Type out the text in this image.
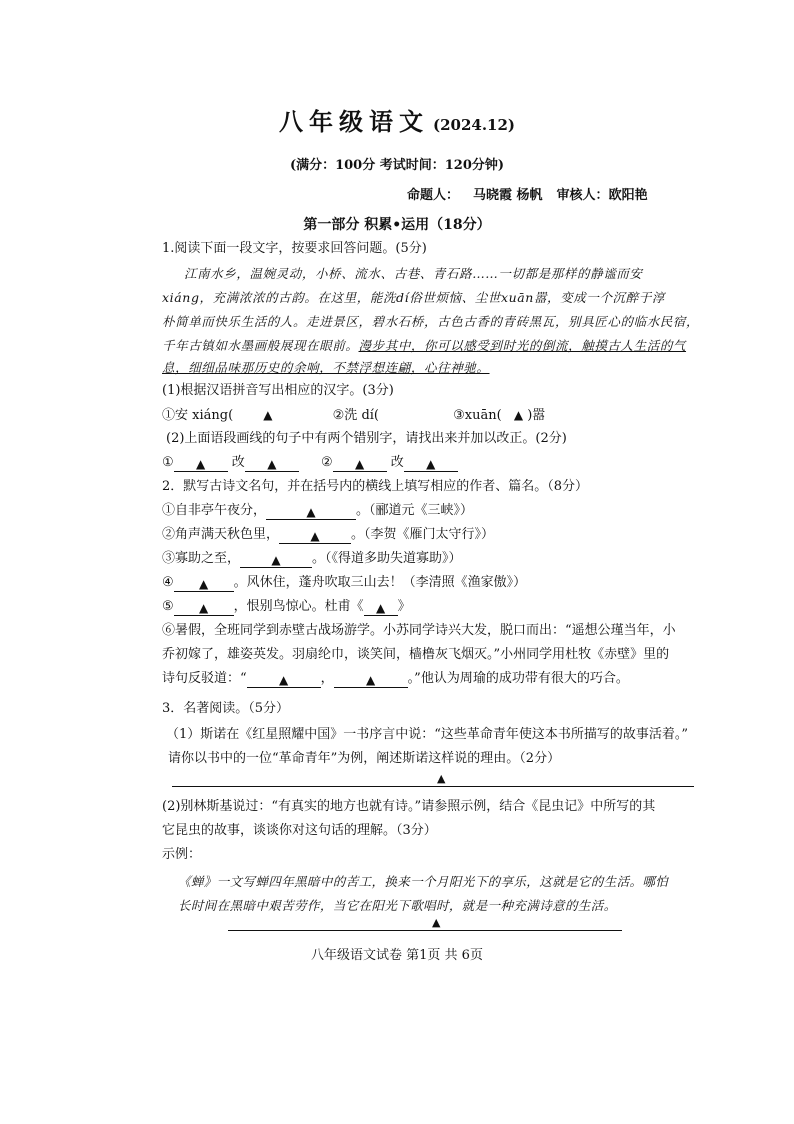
八年级语文 (2024.12)
(满分：100分 考试时间：120分钟)
命题人： 马晓霞 杨帆 审核人：欧阳艳
第一部分 积累•运用（18分）
1.阅读下面一段文字，按要求回答问题。(5分)
江南水乡，温婉灵动，小桥、流水、古巷、青石路……一切都是那样的静谧而安
xiáng，充满浓浓的古韵。在这里，能洗dí俗世烦恼、尘世xuān嚣，变成一个沉醉于淳
朴简单而快乐生活的人。走进景区，碧水石桥，古色古香的青砖黑瓦，别具匠心的临水民宿，
千年古镇如水墨画般展现在眼前。漫步其中，你可以感受到时光的倒流，触摸古人生活的气
息，细细品味那历史的余响，不禁浮想连翩，心往神驰。
(1)根据汉语拼音写出相应的汉字。(3分)
①安 xiáng(	▲	②洗 dí(	③xuān( ▲ )嚣
(2)上面语段画线的句子中有两个错别字，请找出来并加以改正。(2分)
① ▲ 改 ▲	② ▲ 改 ▲
2．默写古诗文名句，并在括号内的横线上填写相应的作者、篇名。（8分）
①自非亭午夜分，	▲	。（郦道元《三峡》）
②角声满天秋色里，	▲ 。（李贺《雁门太守行》）
③寡助之至，	▲ 。（《得道多助失道寡助》）
④ ▲ 。风休住，蓬舟吹取三山去！（李清照《渔家傲》）
⑤ ▲ ，恨别鸟惊心。杜甫《 ▲ 》
⑥暑假，全班同学到赤壁古战场游学。小苏同学诗兴大发，脱口而出：“遥想公瑾当年，小
乔初嫁了，雄姿英发。羽扇纶巾，谈笑间，樯橹灰飞烟灭。”小州同学用杜牧《赤壁》里的
诗句反驳道：“	▲ ，	▲ 。”他认为周瑜的成功带有很大的巧合。
3．名著阅读。（5分）
（1）斯诺在《红星照耀中国》一书序言中说：“这些革命青年使这本书所描写的故事活着。”
请你以书中的一位“革命青年”为例，阐述斯诺这样说的理由。（2分）
▲
(2)别林斯基说过：“有真实的地方也就有诗。”请参照示例，结合《昆虫记》中所写的其
它昆虫的故事，谈谈你对这句话的理解。（3分）
示例：
《蝉》一文写蝉四年黑暗中的苦工，换来一个月阳光下的享乐，这就是它的生活。哪怕
长时间在黑暗中艰苦劳作，当它在阳光下歌唱时，就是一种充满诗意的生活。
▲
八年级语文试卷 第1页 共 6页
